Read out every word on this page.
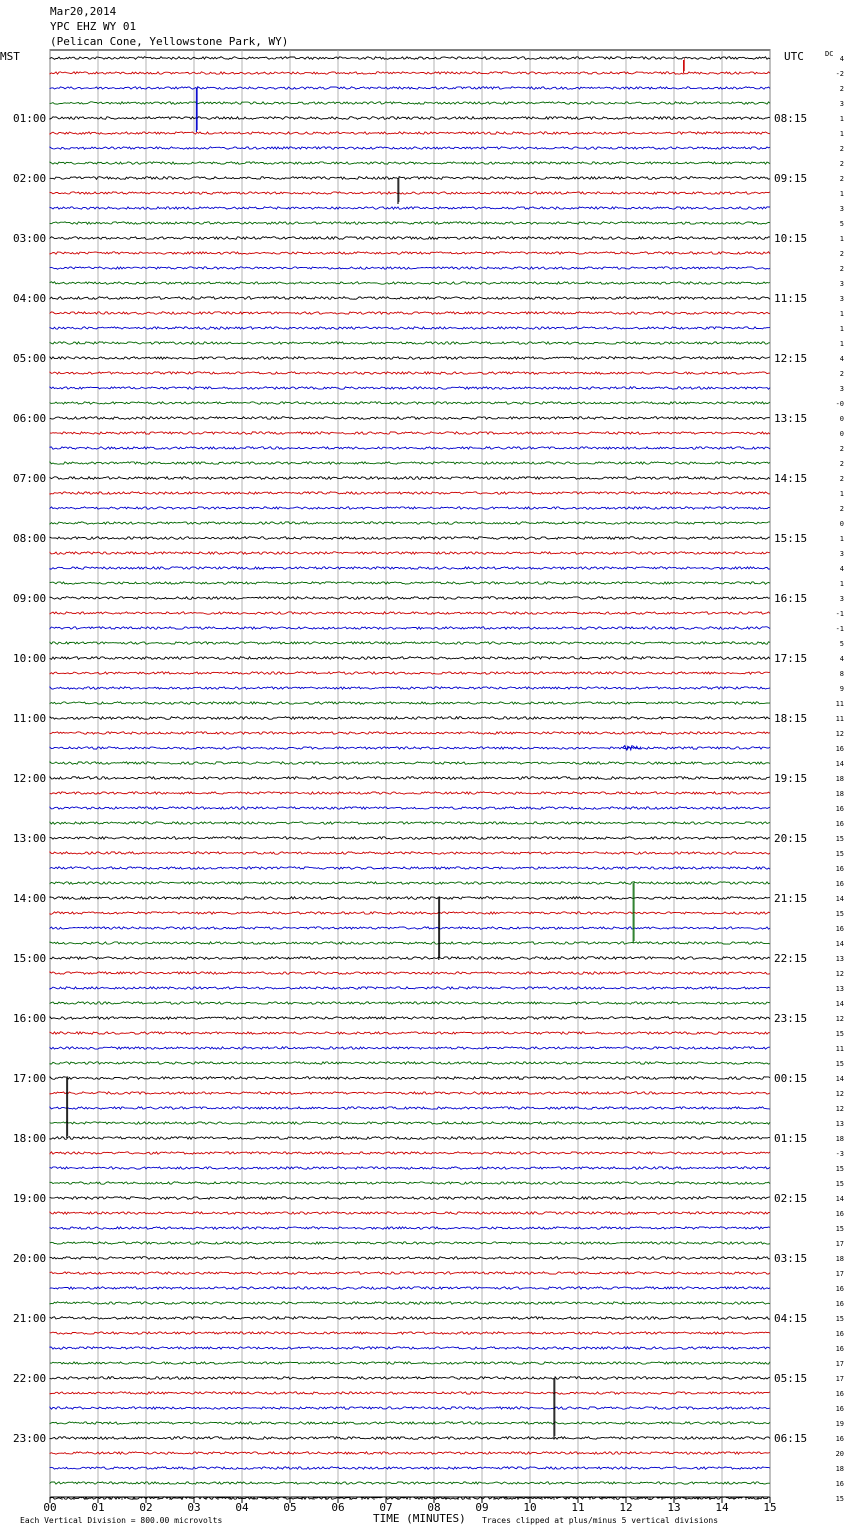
Mar20,2014
YPC EHZ WY 01
(Pelican Cone, Yellowstone Park, WY)
MST	UTC	DC
TIME (MINUTES)
Each Vertical Division = 800.00 microvolts	Traces clipped at plus/minus 5 vertical divisions
00	01	02	03	04	05	06	07	08	09	10	11	12	13	14	15
4
-2
2
3
01:00	08:15	1
1
2
2
02:00	09:15	2
1
3
5
03:00	10:15	1
2
2
3
04:00	11:15	3
1
1
1
05:00	12:15	4
2
3
-0
06:00	13:15	0
0
2
2
07:00	14:15	2
1
2
0
08:00	15:15	1
3
4
1
09:00	16:15	3
-1
-1
5
10:00	17:15	4
8
9
11
11:00	18:15	11
12
16
14
12:00	19:15	18
18
16
16
13:00	20:15	15
15
16
16
14:00	21:15	14
15
16
14
15:00	22:15	13
12
13
14
16:00	23:15	12
15
11
15
17:00	00:15	14
12
12
13
18:00	01:15	18
-3
15
15
19:00	02:15	14
16
15
17
20:00	03:15	18
17
16
16
21:00	04:15	15
16
16
17
22:00	05:15	17
16
16
19
23:00	06:15	16
20
18
16
15
